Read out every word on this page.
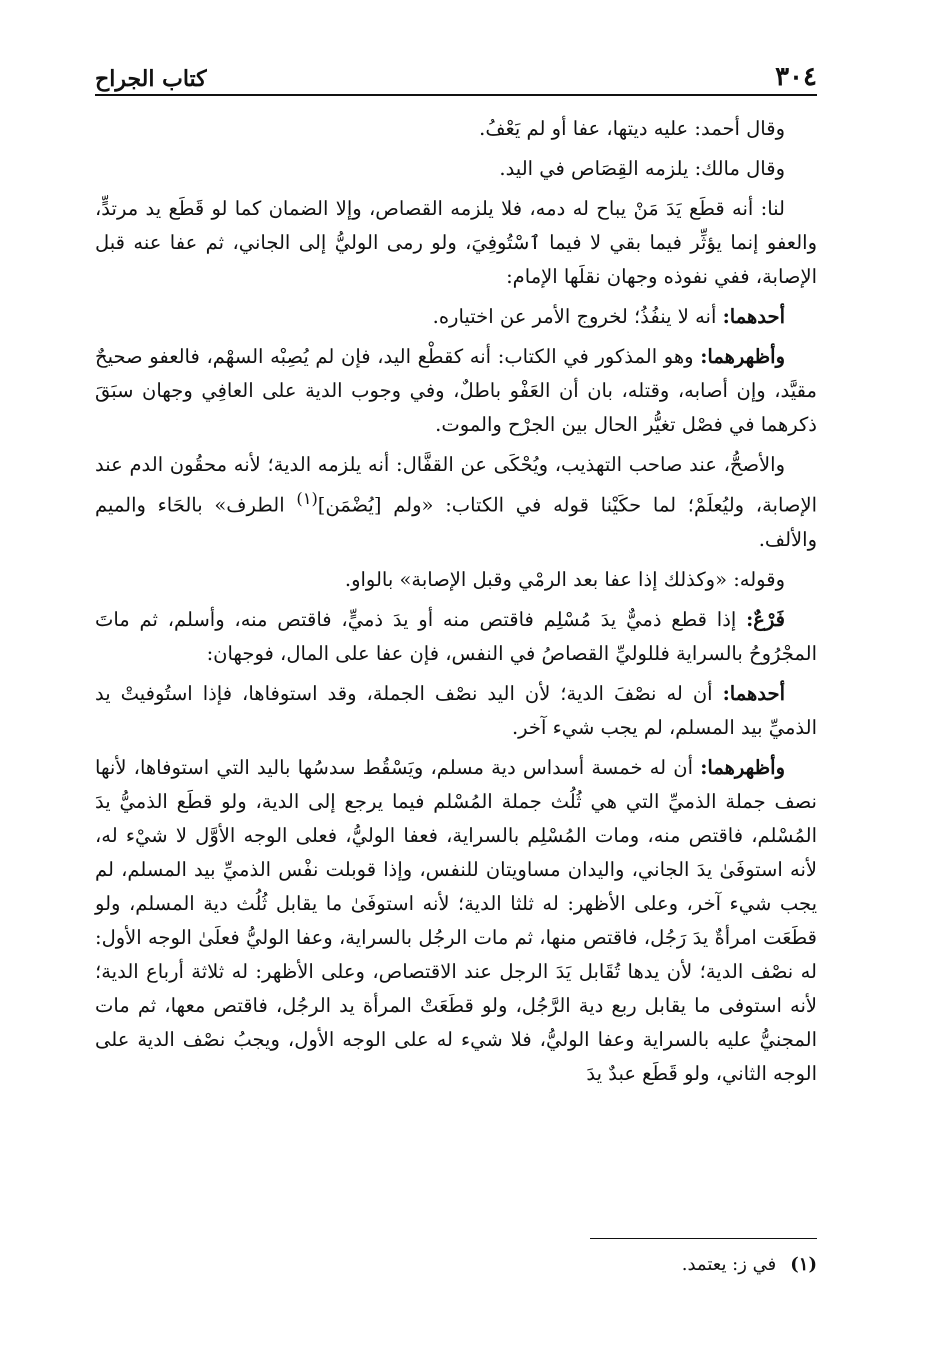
٣٠٤
كتاب الجراح

وقال أحمد: عليه ديتها، عفا أو لم يَعْفُ.

وقال مالك: يلزمه القِصَاص في اليد.

لنا: أنه قطَع يَدَ مَنْ يباح له دمه، فلا يلزمه القصاص، وإلا الضمان كما لو قَطَع يد مرتدٍّ، والعفو إنما يؤثِّر فيما بقي لا فيما ٱسْتُوفِيَ، ولو رمى الوليُّ إلى الجاني، ثم عفا عنه قبل الإصابة، ففي نفوذه وجهان نقلَها الإمام:

أحدهما: أنه لا ينفُذُ؛ لخروج الأمر عن اختياره.

وأظهرهما: وهو المذكور في الكتاب: أنه كقطْع اليد، فإن لم يُصِبْه السهْم، فالعفو صحيحٌ مقيَّد، وإن أصابه، وقتله، بان أن العَفْو باطلٌ، وفي وجوب الدية على العافِي وجهان سبَقَ ذكرهما في فصْل تغيُّر الحال بين الجرْح والموت.

والأصحُّ، عند صاحب التهذيب، ويُحْكَى عن القفَّال: أنه يلزمه الدية؛ لأنه محقُون الدم عند الإصابة، وليُعلَمْ؛ لما حكَيْنا قوله في الكتاب: «ولم [يُضْمَن]$^{(١)}$ الطرف» بالحَاء والميم والألف.

وقوله: «وكذلك إذا عفا بعد الرمْي وقبل الإصابة» بالواو.

فَرْعٌ: إذا قطع ذميٌّ يدَ مُسْلِم فاقتص منه أو يدَ ذميٍّ، فاقتص منه، وأسلم، ثم ماتَ المجْرُوحُ بالسراية فللوليِّ القصاصُ في النفس، فإن عفا على المال، فوجهان:

أحدهما: أن له نصْفَ الدية؛ لأن اليد نصْف الجملة، وقد استوفاها، فإذا استُوفيتْ يد الذميِّ بيد المسلم، لم يجب شيء آخر.

وأظهرهما: أن له خمسة أسداس دية مسلم، ويَسْقُط سدسُها باليد التي استوفاها، لأنها نصف جملة الذميِّ التي هي ثُلُث جملة المُسْلم فيما يرجع إلى الدية، ولو قطَع الذميُّ يدَ المُسْلم، فاقتص منه، ومات المُسْلِم بالسراية، فعفا الوليُّ، فعلى الوجه الأوَّل لا شيْء له، لأنه استوفَىٰ يدَ الجاني، واليدان مساويتان للنفس، وإذا قوبلت نفْس الذميِّ بيد المسلم، لم يجب شيء آخر، وعلى الأظهر: له ثلثا الدية؛ لأنه استوفَىٰ ما يقابل ثُلُث دية المسلم، ولو قطَعَت امرأةٌ يدَ رَجُل، فاقتص منها، ثم مات الرجُل بالسراية، وعفا الوليُّ فعلَىٰ الوجه الأول: له نصْف الدية؛ لأن يدها تُقَابل يَدَ الرجل عند الاقتصاص، وعلى الأظهر: له ثلاثة أرباع الدية؛ لأنه استوفى ما يقابل ربع دية الرَّجُل، ولو قطَعَتْ المرأة يد الرجُل، فاقتص معها، ثم مات المجنيُّ عليه بالسراية وعفا الوليُّ، فلا شيء له على الوجه الأول، ويجبُ نصْف الدية على الوجه الثاني، ولو قَطَع عبدٌ يدَ

(١)في ز: يعتمد.
